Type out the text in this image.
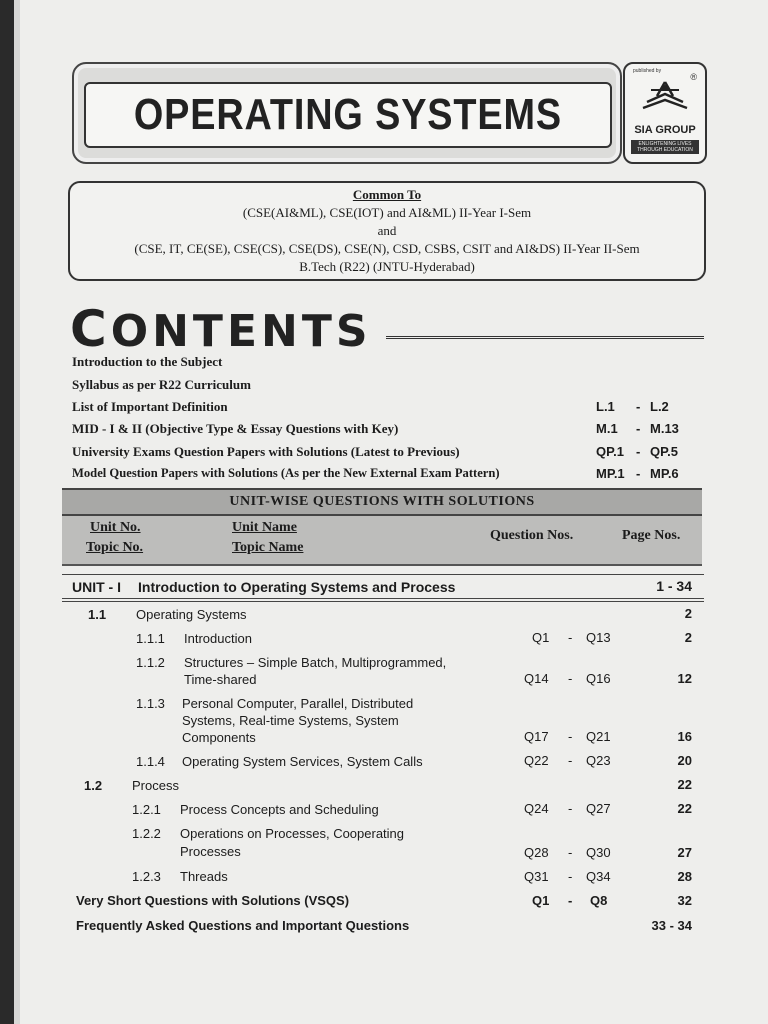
OPERATING SYSTEMS
published by
®
SIA GROUP
ENLIGHTENING LIVES THROUGH EDUCATION
Common To
(CSE(AI&ML), CSE(IOT) and AI&ML) II-Year I-Sem
and
(CSE, IT, CE(SE), CSE(CS), CSE(DS), CSE(N), CSD, CSBS, CSIT and AI&DS) II-Year II-Sem
B.Tech (R22) (JNTU-Hyderabad)
CONTENTS
Introduction to the Subject
Syllabus as per R22 Curriculum
List of Important Definition	L.1 - L.2
MID - I & II (Objective Type & Essay Questions with Key)	M.1 - M.13
University Exams Question Papers with Solutions (Latest to Previous)	QP.1 - QP.5
Model Question Papers with Solutions (As per the New External Exam Pattern)	MP.1 - MP.6
UNIT-WISE QUESTIONS WITH SOLUTIONS
Unit No.
Topic No.
Unit Name
Topic Name
Question Nos.	Page Nos.
UNIT - I Introduction to Operating Systems and Process	1 - 34
1.1 Operating Systems	2
1.1.1 Introduction	Q1 - Q13	2
1.1.2 Structures – Simple Batch, Multiprogrammed,
Time-shared	Q14 - Q16	12
1.1.3 Personal Computer, Parallel, Distributed
Systems, Real-time Systems, System
Components	Q17 - Q21	16
1.1.4 Operating System Services, System Calls	Q22 - Q23	20
1.2 Process	22
1.2.1 Process Concepts and Scheduling	Q24 - Q27	22
1.2.2 Operations on Processes, Cooperating
Processes	Q28 - Q30	27
1.2.3 Threads	Q31 - Q34	28
Very Short Questions with Solutions (VSQS)	Q1 - Q8	32
Frequently Asked Questions and Important Questions	33 - 34
